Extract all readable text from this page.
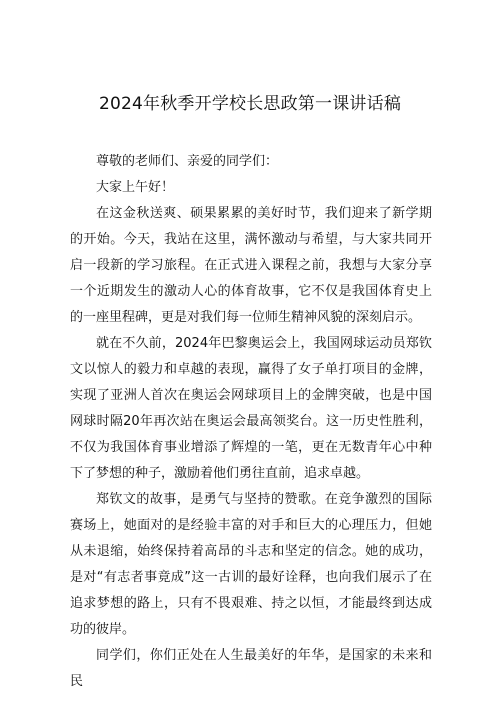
2024年秋季开学校长思政第一课讲话稿

尊敬的老师们、亲爱的同学们：

大家上午好！

在这金秋送爽、硕果累累的美好时节，我们迎来了新学期的开始。今天，我站在这里，满怀激动与希望，与大家共同开启一段新的学习旅程。在正式进入课程之前，我想与大家分享一个近期发生的激动人心的体育故事，它不仅是我国体育史上的一座里程碑，更是对我们每一位师生精神风貌的深刻启示。

就在不久前，2024年巴黎奥运会上，我国网球运动员郑钦文以惊人的毅力和卓越的表现，赢得了女子单打项目的金牌，实现了亚洲人首次在奥运会网球项目上的金牌突破，也是中国网球时隔20年再次站在奥运会最高领奖台。这一历史性胜利，不仅为我国体育事业增添了辉煌的一笔，更在无数青年心中种下了梦想的种子，激励着他们勇往直前，追求卓越。

郑钦文的故事，是勇气与坚持的赞歌。在竞争激烈的国际赛场上，她面对的是经验丰富的对手和巨大的心理压力，但她从未退缩，始终保持着高昂的斗志和坚定的信念。她的成功，是对“有志者事竟成”这一古训的最好诠释，也向我们展示了在追求梦想的路上，只有不畏艰难、持之以恒，才能最终到达成功的彼岸。

同学们，你们正处在人生最美好的年华，是国家的未来和民
